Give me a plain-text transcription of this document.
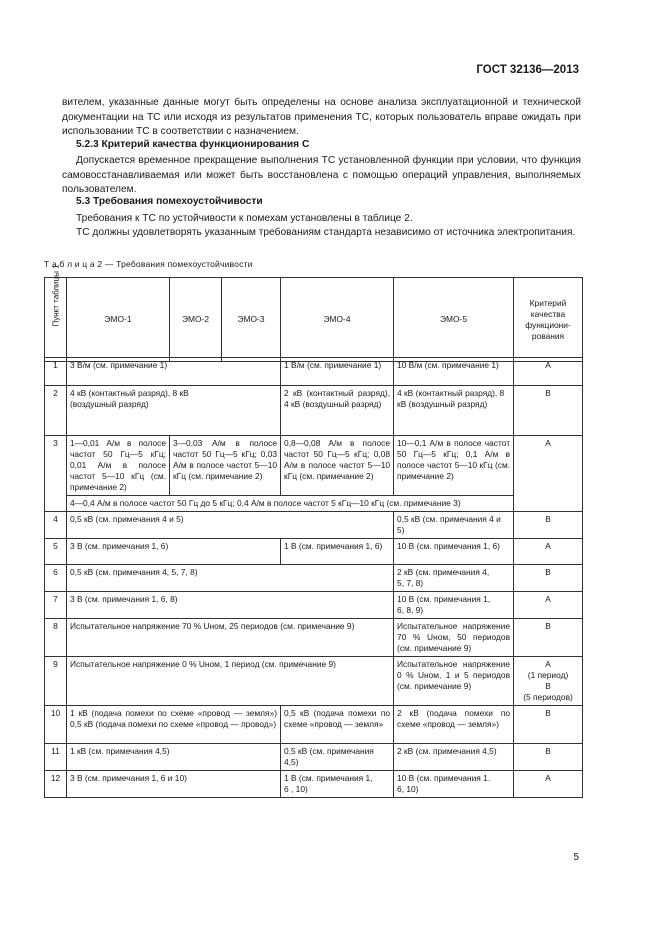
ГОСТ 32136—2013

вителем, указанные данные могут быть определены на основе анализа эксплуатационной и технической документации на ТС или исходя из результатов применения ТС, которых пользователь вправе ожидать при использовании ТС в соответствии с назначением.

5.2.3 Критерий качества функционирования С

Допускается временное прекращение выполнения ТС установленной функции при условии, что функция самовосстанавливаемая или может быть восстановлена с помощью операций управления, выполняемых пользователем.

5.3 Требования помехоустойчивости

Требования к ТС по устойчивости к помехам установлены в таблице 2.

ТС должны удовлетворять указанным требованиям стандарта независимо от источника электропитания.

Т а б л и ц а 2 — Требования помехоустойчивости
Пункт таблицы 1	ЭМО-1	ЭМО-2	ЭМО-3	ЭМО-4	ЭМО-5	Критерий качества функциони-рования
1	3 В/м (см. примечание 1)		1 В/м (см. примечание 1)	10 В/м (см. примечание 1)	A
2	4 кВ (контактный разряд), 8 кВ (воздушный разряд)		2 кВ (контактный разряд), 4 кВ (воздушный разряд)	4 кВ (контактный разряд), 8 кВ (воздушный разряд)	B
3	1—0,01 А/м в полосе частот 50 Гц—5 кГц; 0,01 А/м в полосе частот 5—10 кГц (см. примечание 2)	3—0,03 А/м в полосе частот 50 Гц—5 кГц; 0,03 А/м в полосе частот 5—10 кГц (см. примечание 2)	0,8—0,08 А/м в полосе частот 50 Гц—5 кГц; 0,08 А/м в полосе частот 5—10 кГц (см. примечание 2)	10—0,1 А/м в полосе частот 50 Гц—5 кГц; 0,1 А/м в полосе частот 5—10 кГц (см. примечание 2)	A
	4—0,4 А/м в полосе частот 50 Гц до 5 кГц; 0,4 А/м в полосе частот 5 кГц—10 кГц (см. примечание 3)				
4	0,5 кВ (см. примечания 4 и 5)			0,5 кВ (см. примечания 4 и 5)	B
5	3 В (см. примечания 1, 6)		1 В (см. примечания 1, 6)	10 В (см. примечания 1, 6)	A
6	0,5 кВ (см. примечания 4, 5, 7, 8)			2 кВ (см. примечания 4, 5, 7, 8)	B
7	3 В (см. примечания 1, 6, 8)			10 В (см. примечания 1, 6, 8, 9)	A
8	Испытательное напряжение 70 % Uном, 25 периодов (см. примечание 9)			Испытательное напряжение 70 % Uном, 50 периодов (см. примечание 9)	B
9	Испытательное напряжение 0 % Uном, 1 период (см. примечание 9)			Испытательное напряжение 0 % Uном, 1 и 5 периодов (см. примечание 9)	A
(1 период)
B
(5 периодов)

10	1 кВ (подача помехи по схеме «провод — земля») 0,5 кВ (подача помехи по схеме «провод — провод»)		0,5 кВ (подача помехи по схеме «провод — земля»	2 кВ (подача помехи по схеме «провод — земля»)	B
11	1 кВ (см. примечания 4,5)		0,5 кВ (см. примечания 4,5)	2 кВ (см. примечания 4,5)	B
12	3 В (см. примечания 1, 6 и 10)		1 В (см. примечания 1, 6 , 10)	10 В (см. примечания 1. 6, 10)	A
5
